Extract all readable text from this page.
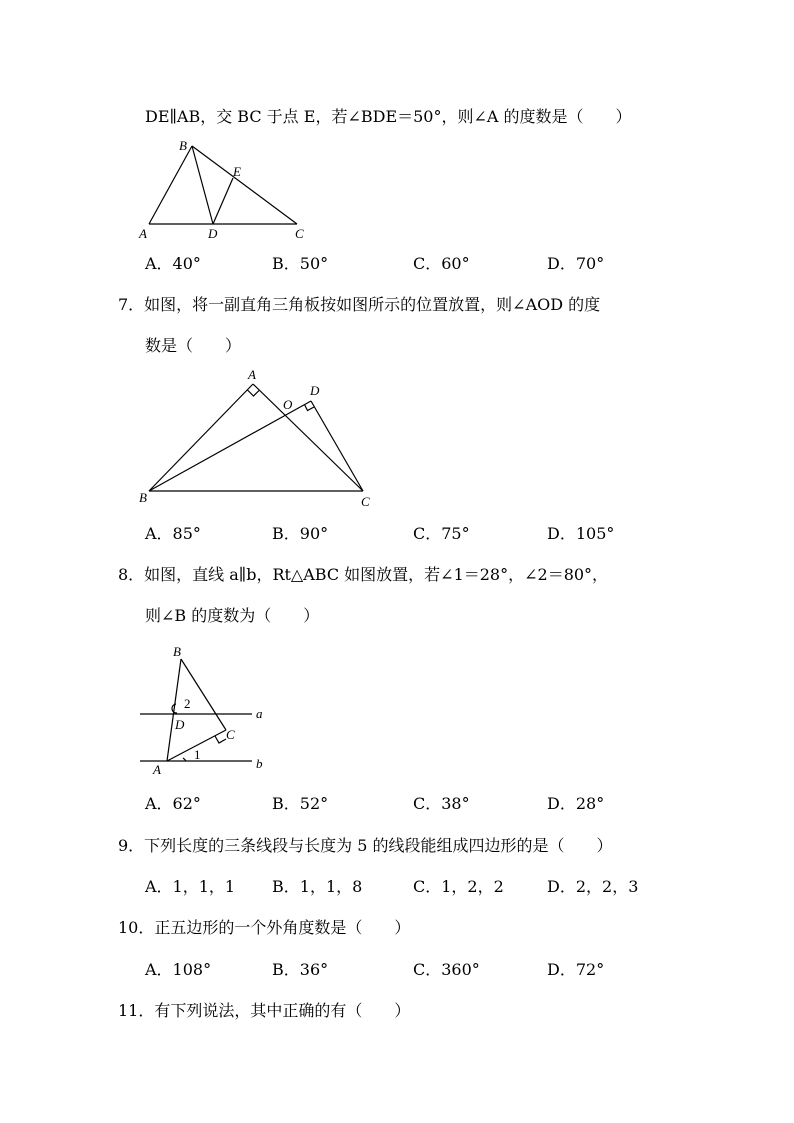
DE∥AB，交 BC 于点 E，若∠BDE＝50°，则∠A 的度数是（　　）
B
E
A	D	C
A．40°	B．50°	C．60°	D．70°
7．如图，将一副直角三角板按如图所示的位置放置，则∠AOD 的度
数是（　　）
A
O
D
B	C
A．85°	B．90°	C．75°	D．105°
8．如图，直线 a∥b，Rt△ABC 如图放置，若∠1＝28°，∠2＝80°，
则∠B 的度数为（　　）
B
2
D
a
C
1
A	b
A．62°	B．52°	C．38°	D．28°
9．下列长度的三条线段与长度为 5 的线段能组成四边形的是（　　）
A．1，1，1 B．1，1，8	C．1，2，2	D．2，2，3
10．正五边形的一个外角度数是（　　）
A．108°	B．36°	C．360°	D．72°
11．有下列说法，其中正确的有（　　）
